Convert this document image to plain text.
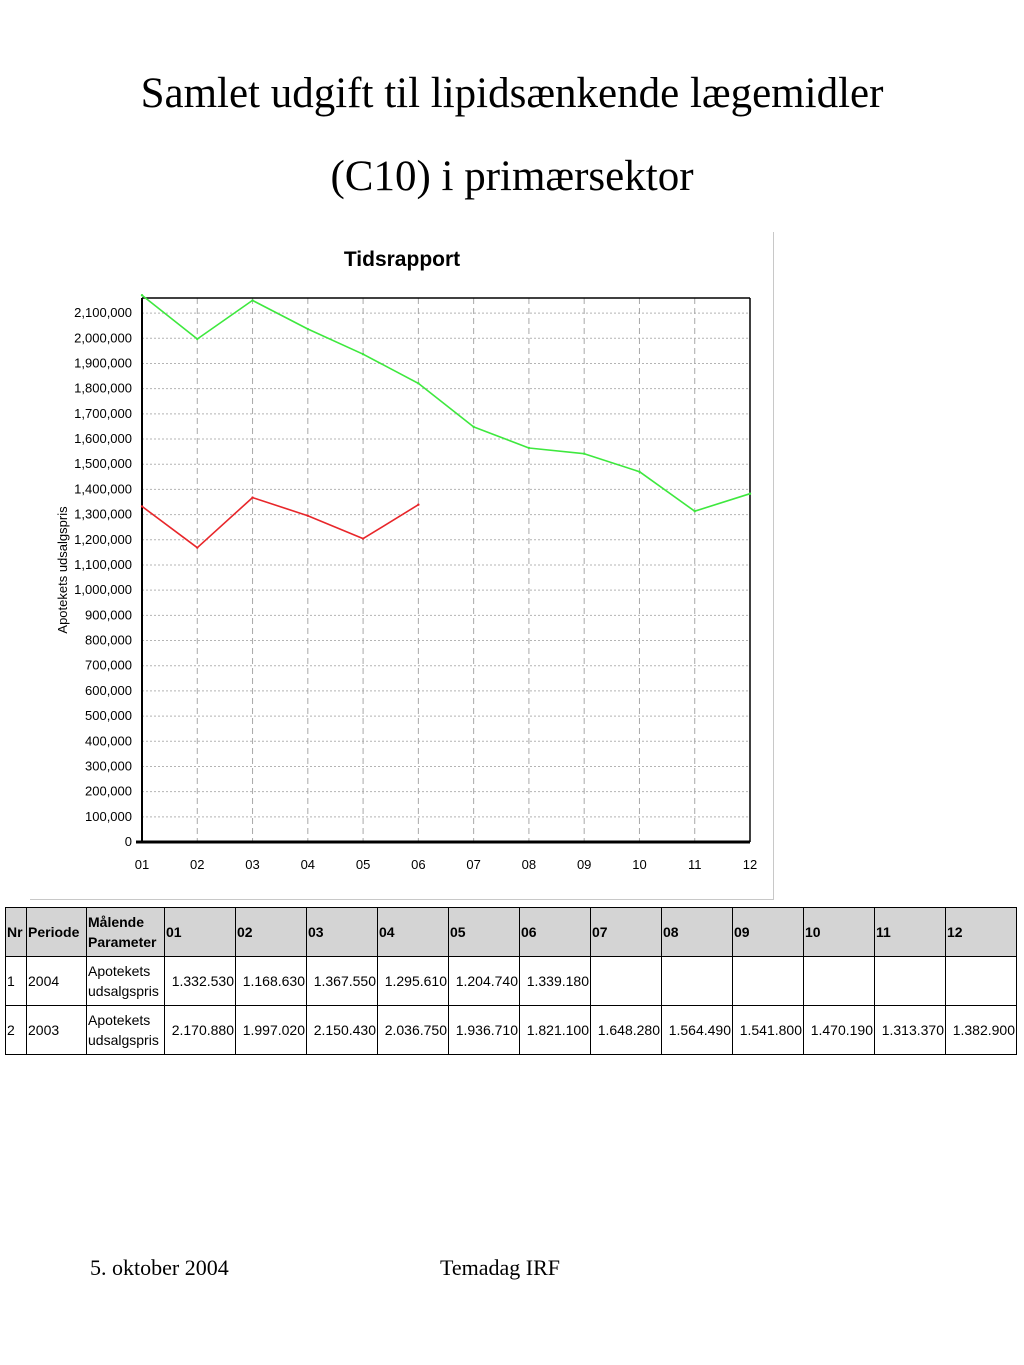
Samlet udgift til lipidsænkende lægemidler
(C10) i primærsektor
0
100,000
200,000
300,000
400,000
500,000
600,000
700,000
800,000
900,000
1,000,000
1,100,000
1,200,000
1,300,000
1,400,000
1,500,000
1,600,000
1,700,000
1,800,000
1,900,000
2,000,000
2,100,000
01	02	03	04	05	06	07	08	09	10	11	12
Tidsrapport
Apotekets udsalgspris
Nr	Periode	Målende
Parameter	01	02	03	04	05	06	07	08	09	10	11	12
1	2004	Apotekets
udsalgspris	1.332.530	1.168.630	1.367.550	1.295.610	1.204.740	1.339.180						
2	2003	Apotekets
udsalgspris	2.170.880	1.997.020	2.150.430	2.036.750	1.936.710	1.821.100	1.648.280	1.564.490	1.541.800	1.470.190	1.313.370	1.382.900
5. oktober 2004	Temadag IRF
